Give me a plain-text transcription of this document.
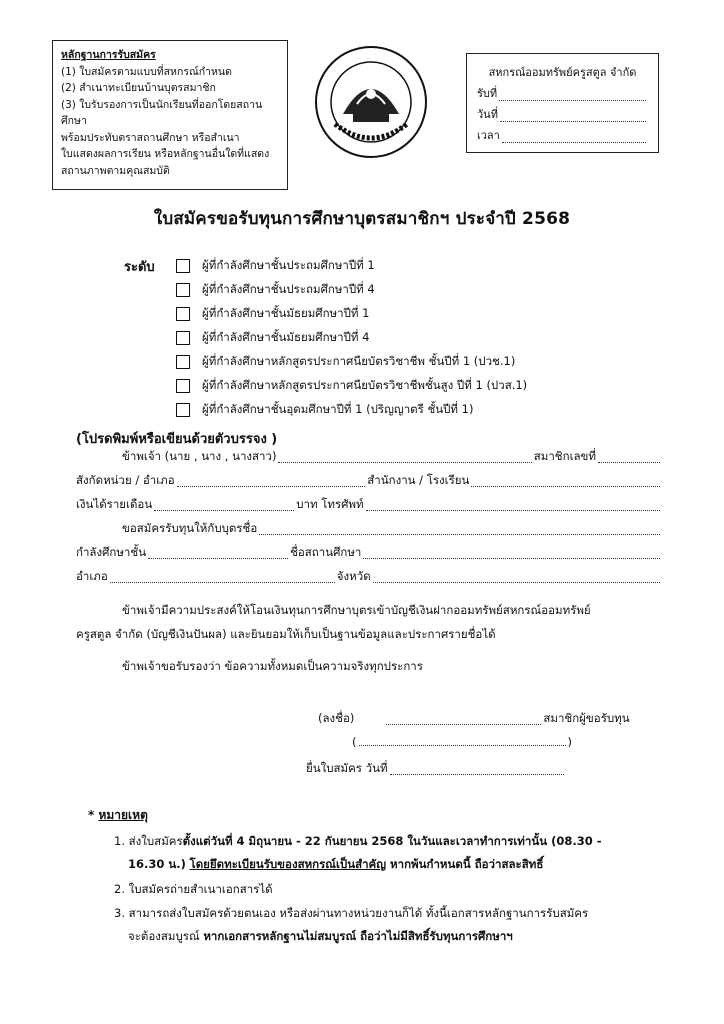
หลักฐานการรับสมัคร
(1) ใบสมัครตามแบบที่สหกรณ์กำหนด
(2) สำเนาทะเบียนบ้านบุตรสมาชิก
(3) ใบรับรองการเป็นนักเรียนที่ออกโดยสถานศึกษา
พร้อมประทับตราสถานศึกษา หรือสำเนา
ใบแสดงผลการเรียน หรือหลักฐานอื่นใดที่แสดง
สถานภาพตามคุณสมบัติ
สหกรณ์ออมทรัพย์ครูสตูล จำกัด
รับที่
วันที่
เวลา
ใบสมัครขอรับทุนการศึกษาบุตรสมาชิกฯ ประจำปี 2568
ระดับ	ผู้ที่กำลังศึกษาชั้นประถมศึกษาปีที่ 1
ผู้ที่กำลังศึกษาชั้นประถมศึกษาปีที่ 4
ผู้ที่กำลังศึกษาชั้นมัธยมศึกษาปีที่ 1
ผู้ที่กำลังศึกษาชั้นมัธยมศึกษาปีที่ 4
ผู้ที่กำลังศึกษาหลักสูตรประกาศนียบัตรวิชาชีพ ชั้นปีที่ 1 (ปวช.1)
ผู้ที่กำลังศึกษาหลักสูตรประกาศนียบัตรวิชาชีพชั้นสูง ปีที่ 1 (ปวส.1)
ผู้ที่กำลังศึกษาชั้นอุดมศึกษาปีที่ 1 (ปริญญาตรี ชั้นปีที่ 1)
(โปรดพิมพ์หรือเขียนด้วยตัวบรรจง )
ข้าพเจ้า (นาย , นาง , นางสาว)	สมาชิกเลขที่
สังกัดหน่วย / อำเภอ	สำนักงาน / โรงเรียน
เงินได้รายเดือน	บาท โทรศัพท์
ขอสมัครรับทุนให้กับบุตรชื่อ
กำลังศึกษาชั้น	ชื่อสถานศึกษา
อำเภอ	จังหวัด
ข้าพเจ้ามีความประสงค์ให้โอนเงินทุนการศึกษาบุตรเข้าบัญชีเงินฝากออมทรัพย์สหกรณ์ออมทรัพย์
ครูสตูล จำกัด (บัญชีเงินปันผล) และยินยอมให้เก็บเป็นฐานข้อมูลและประกาศรายชื่อได้
ข้าพเจ้าขอรับรองว่า ข้อความทั้งหมดเป็นความจริงทุกประการ
(ลงชื่อ)	สมาชิกผู้ขอรับทุน
(	)
ยื่นใบสมัคร วันที่
* หมายเหตุ
1. ส่งใบสมัครตั้งแต่วันที่ 4 มิถุนายน - 22 กันยายน 2568 ในวันและเวลาทำการเท่านั้น (08.30 -
16.30 น.) โดยยึดทะเบียนรับของสหกรณ์เป็นสำคัญ หากพ้นกำหนดนี้ ถือว่าสละสิทธิ์
2. ใบสมัครถ่ายสำเนาเอกสารได้
3. สามารถส่งใบสมัครด้วยตนเอง หรือส่งผ่านทางหน่วยงานก็ได้ ทั้งนี้เอกสารหลักฐานการรับสมัคร
จะต้องสมบูรณ์ หากเอกสารหลักฐานไม่สมบูรณ์ ถือว่าไม่มีสิทธิ์รับทุนการศึกษาฯ
